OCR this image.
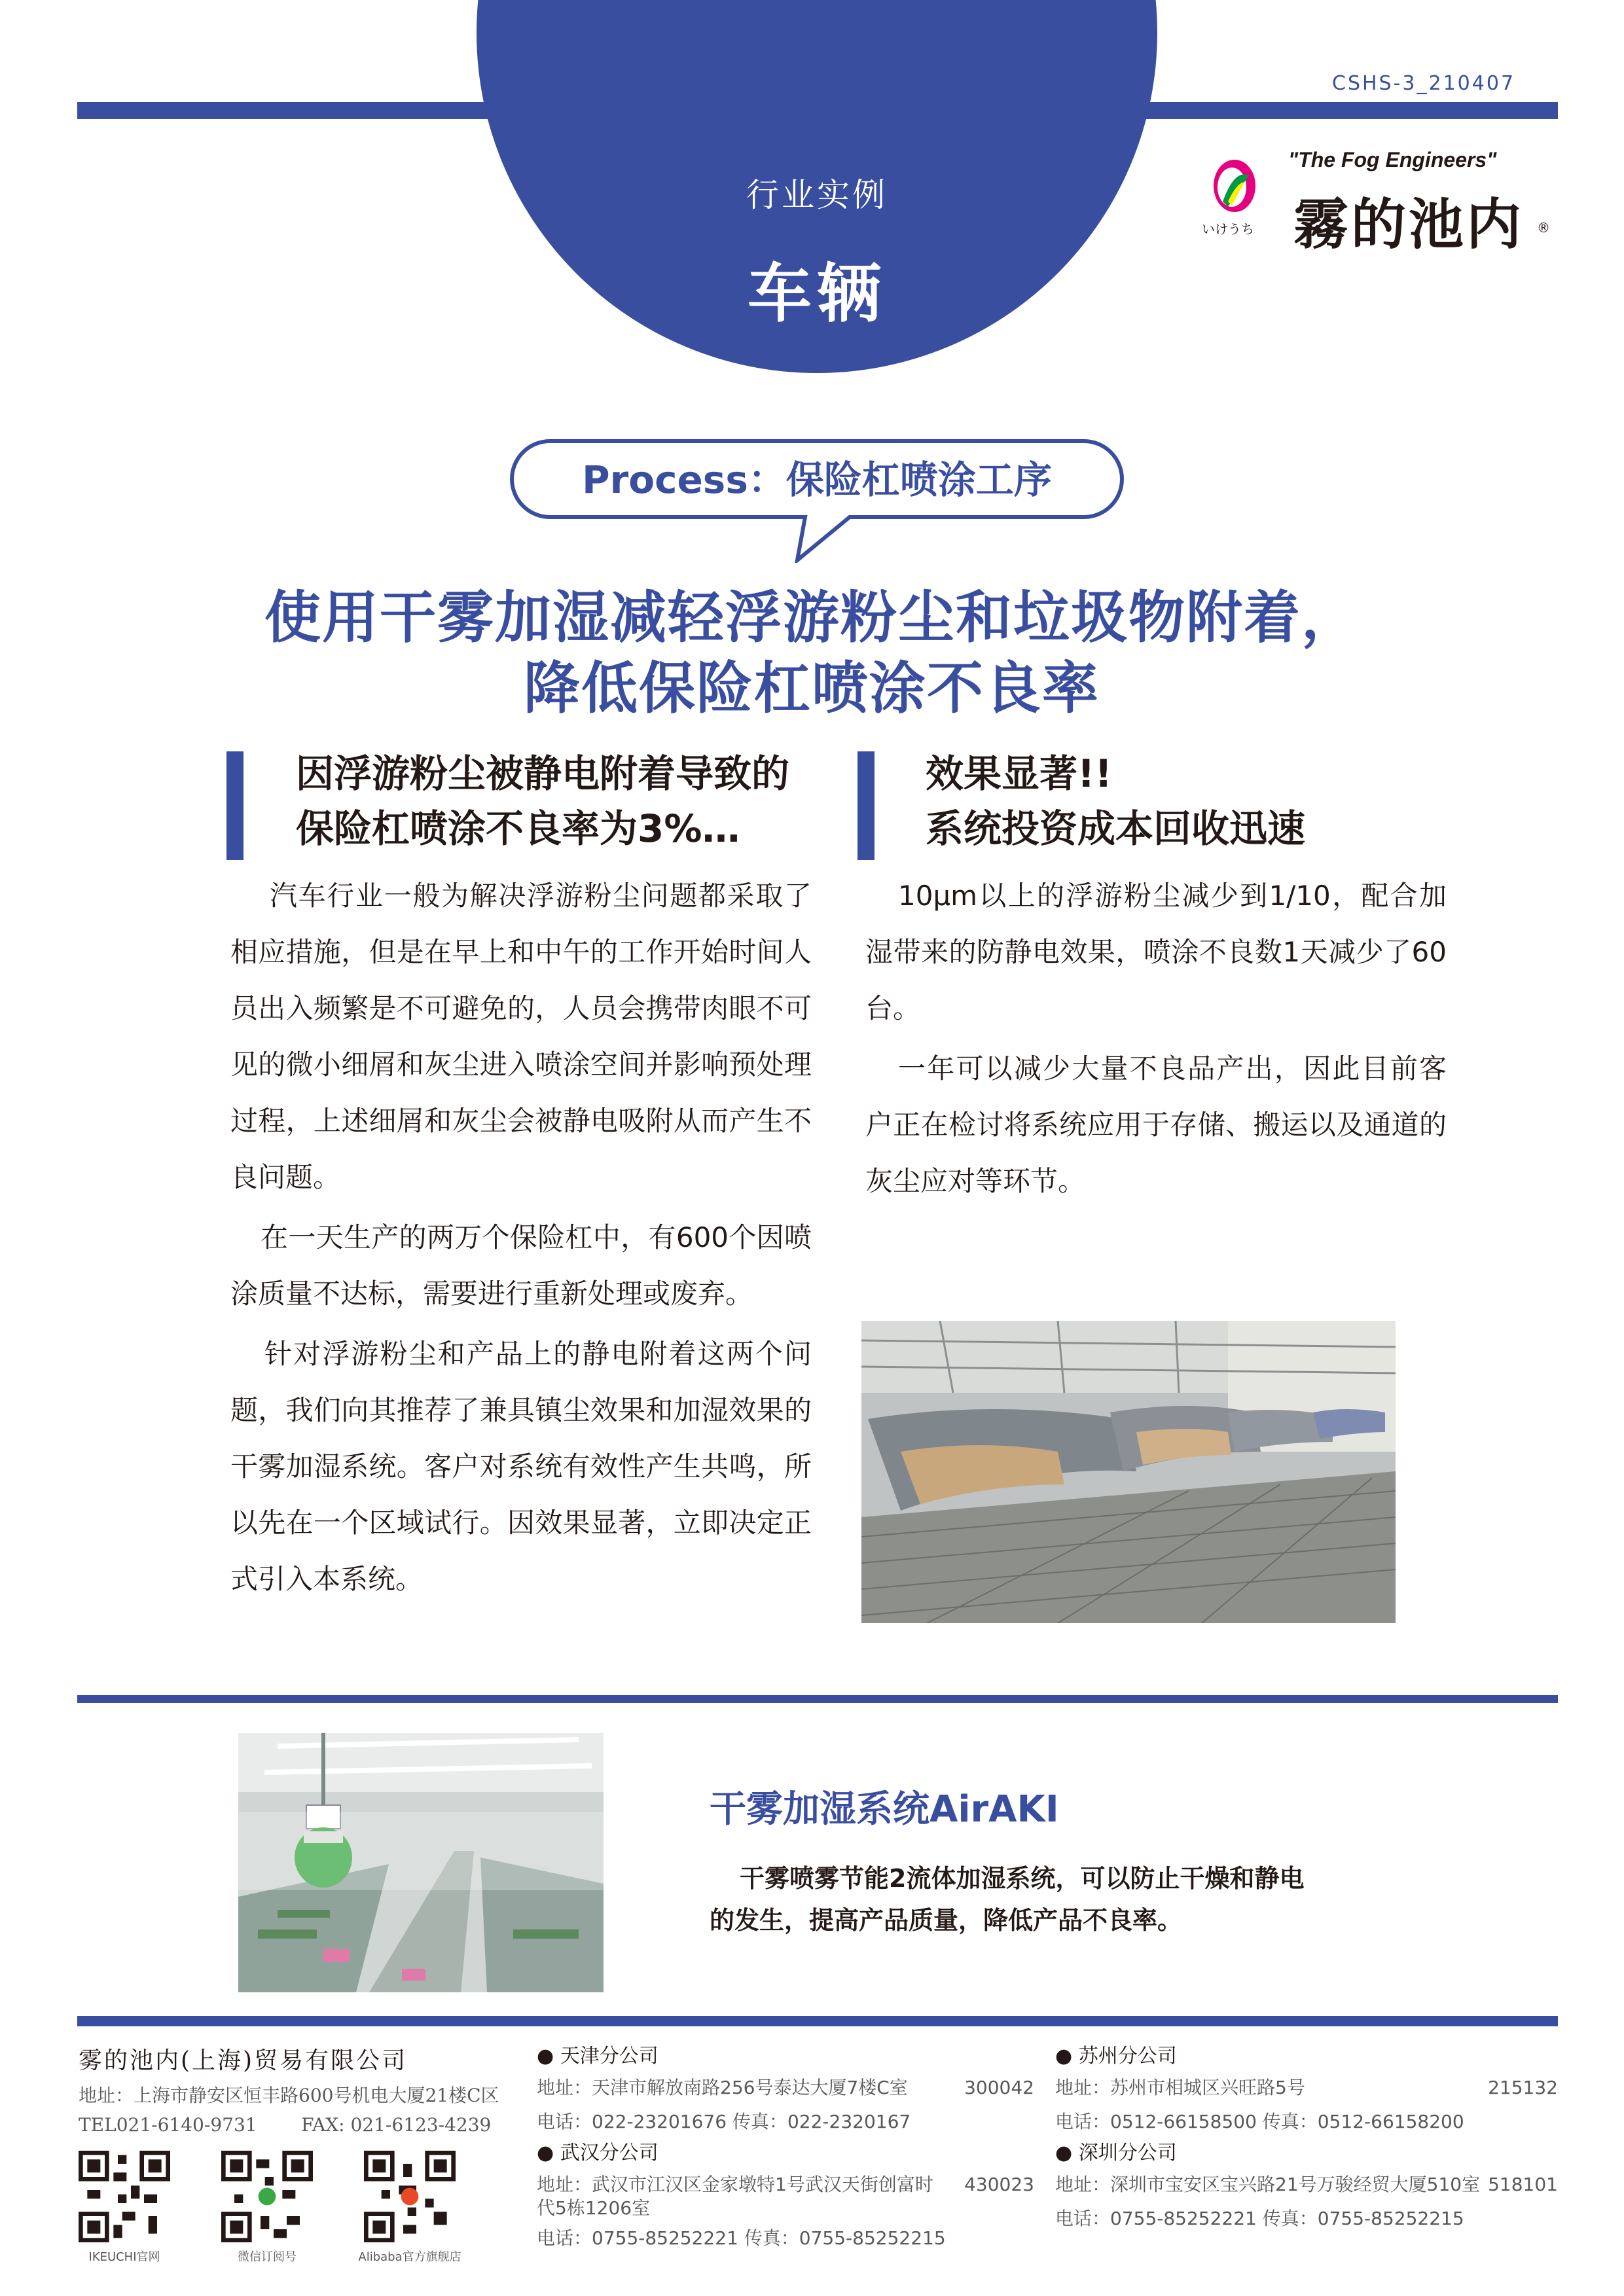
CSHS-3_210407
行业实例
车辆
"The Fog Engineers"
霧的池内
いけうち	®
Process：保险杠喷涂工序
使用干雾加湿减轻浮游粉尘和垃圾物附着，
降低保险杠喷涂不良率
因浮游粉尘被静电附着导致的
保险杠喷涂不良率为3%…

汽车行业一般为解决浮游粉尘问题都采取了相应措施，但是在早上和中午的工作开始时间人员出入频繁是不可避免的，人员会携带肉眼不可见的微小细屑和灰尘进入喷涂空间并影响预处理过程，上述细屑和灰尘会被静电吸附从而产生不良问题。

在一天生产的两万个保险杠中，有600个因喷涂质量不达标，需要进行重新处理或废弃。

针对浮游粉尘和产品上的静电附着这两个问题，我们向其推荐了兼具镇尘效果和加湿效果的干雾加湿系统。客户对系统有效性产生共鸣，所以先在一个区域试行。因效果显著，立即决定正式引入本系统。

效果显著!!
系统投资成本回收迅速

10μm以上的浮游粉尘减少到1/10，配合加湿带来的防静电效果，喷涂不良数1天减少了60台。

一年可以减少大量不良品产出，因此目前客户正在检讨将系统应用于存储、搬运以及通道的灰尘应对等环节。

干雾加湿系统AirAKI
干雾喷雾节能2流体加湿系统，可以防止干燥和静电的发生，提高产品质量，降低产品不良率。
雾的池内(上海)贸易有限公司
地址：上海市静安区恒丰路600号机电大厦21楼C区
TEL021-6140-9731 FAX: 021-6123-4239
IKEUCHI官网	微信订阅号	Alibaba官方旗舰店
● 天津分公司
地址：天津市解放南路256号泰达大厦7楼C室	300042
电话：022-23201676 传真：022-2320167
● 武汉分公司
地址：武汉市江汉区金家墩特1号武汉天街创富时代5栋1206室
430023
电话：0755-85252221 传真：0755-85252215
● 苏州分公司
地址：苏州市相城区兴旺路5号	215132
电话：0512-66158500 传真：0512-66158200
● 深圳分公司
地址：深圳市宝安区宝兴路21号万骏经贸大厦510室 518101
电话：0755-85252221 传真：0755-85252215
